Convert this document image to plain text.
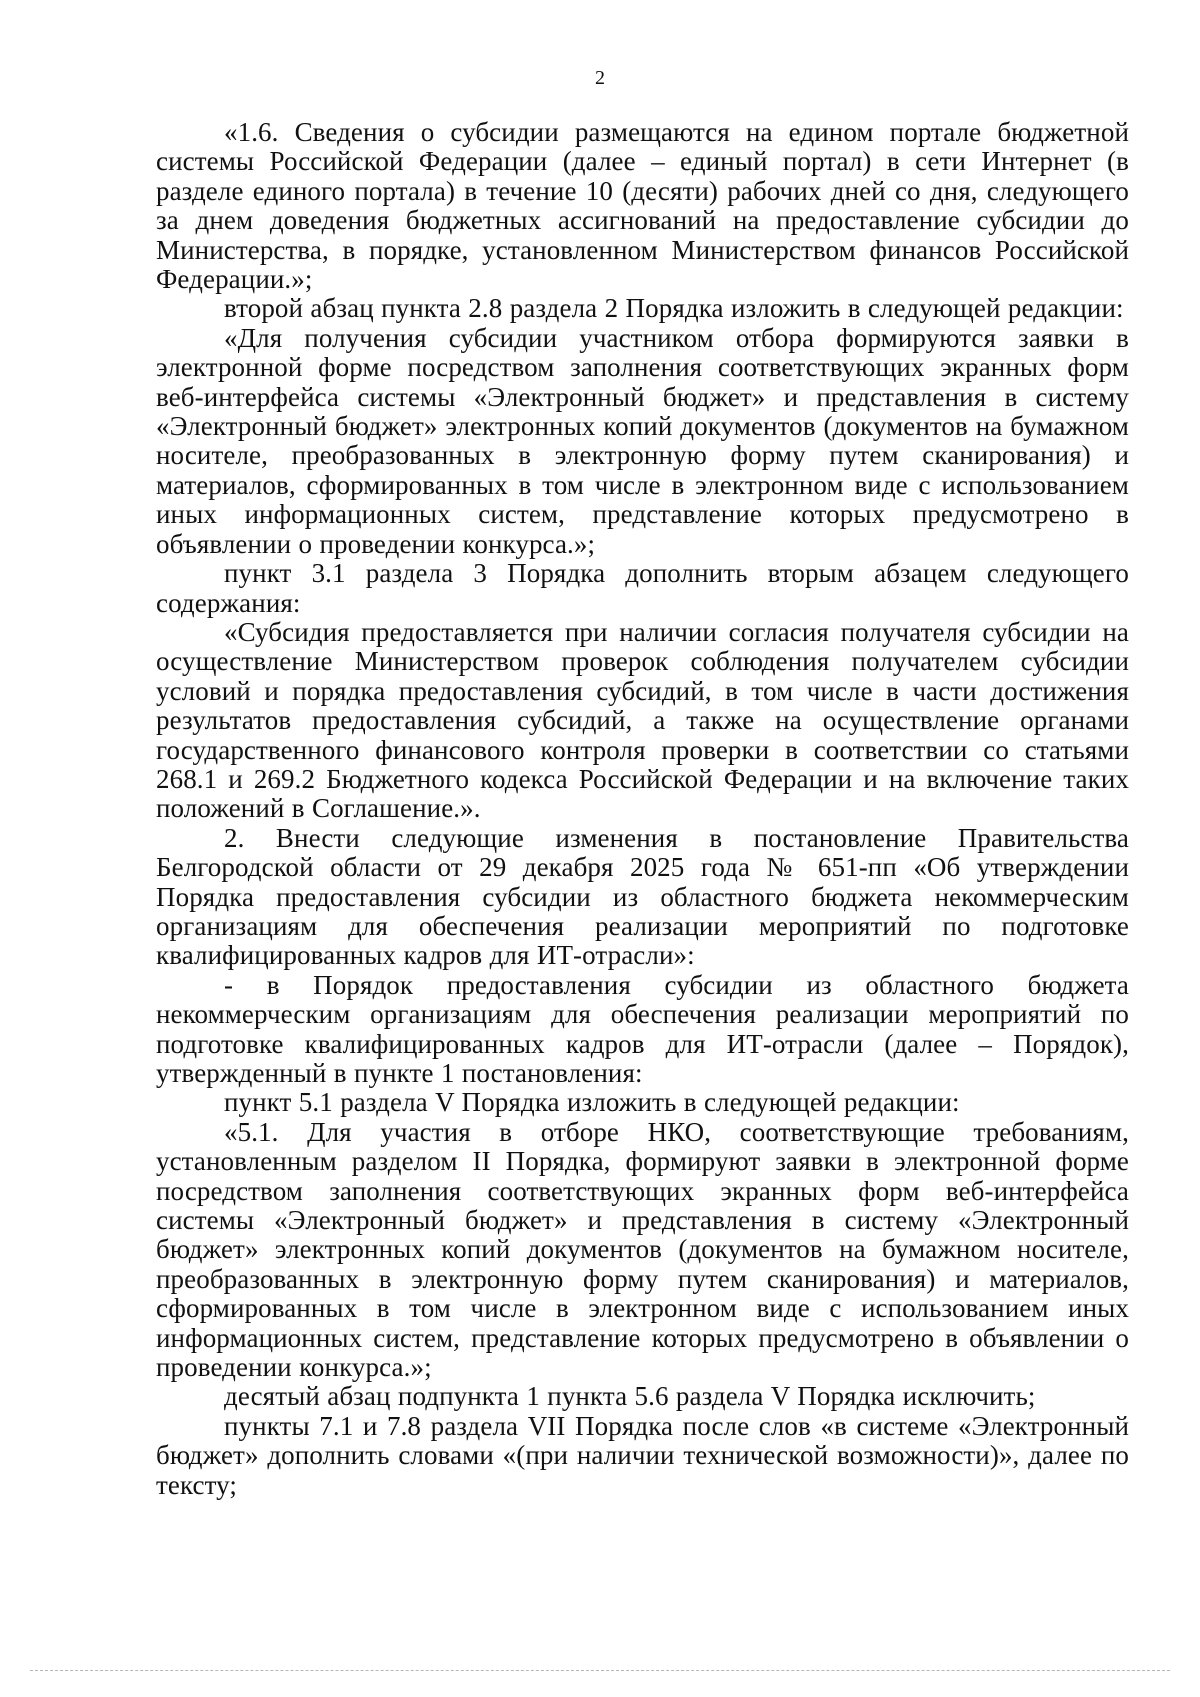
2

«1.6. Сведения о субсидии размещаются на едином портале бюджетной системы Российской Федерации (далее – единый портал) в сети Интернет (в разделе единого портала) в течение 10 (десяти) рабочих дней со дня, следующего за днем доведения бюджетных ассигнований на предоставление субсидии до Министерства, в порядке, установленном Министерством финансов Российской Федерации.»;

второй абзац пункта 2.8 раздела 2 Порядка изложить в следующей редакции:

«Для получения субсидии участником отбора формируются заявки в электронной форме посредством заполнения соответствующих экранных форм веб-интерфейса системы «Электронный бюджет» и представления в систему «Электронный бюджет» электронных копий документов (документов на бумажном носителе, преобразованных в электронную форму путем сканирования) и материалов, сформированных в том числе в электронном виде с использованием иных информационных систем, представление которых предусмотрено в объявлении о проведении конкурса.»;

пункт 3.1 раздела 3 Порядка дополнить вторым абзацем следующего содержания:

«Субсидия предоставляется при наличии согласия получателя субсидии на осуществление Министерством проверок соблюдения получателем субсидии условий и порядка предоставления субсидий, в том числе в части достижения результатов предоставления субсидий, а также на осуществление органами государственного финансового контроля проверки в соответствии со статьями 268.1 и 269.2 Бюджетного кодекса Российской Федерации и на включение таких положений в Соглашение.».

2. Внести следующие изменения в постановление Правительства Белгородской области от 29 декабря 2025 года № 651-пп «Об утверждении Порядка предоставления субсидии из областного бюджета некоммерческим организациям для обеспечения реализации мероприятий по подготовке квалифицированных кадров для ИТ-отрасли»:

- в Порядок предоставления субсидии из областного бюджета некоммерческим организациям для обеспечения реализации мероприятий по подготовке квалифицированных кадров для ИТ-отрасли (далее – Порядок), утвержденный в пункте 1 постановления:

пункт 5.1 раздела V Порядка изложить в следующей редакции:

«5.1. Для участия в отборе НКО, соответствующие требованиям, установленным разделом II Порядка, формируют заявки в электронной форме посредством заполнения соответствующих экранных форм веб-интерфейса системы «Электронный бюджет» и представления в систему «Электронный бюджет» электронных копий документов (документов на бумажном носителе, преобразованных в электронную форму путем сканирования) и материалов, сформированных в том числе в электронном виде с использованием иных информационных систем, представление которых предусмотрено в объявлении о проведении конкурса.»;

десятый абзац подпункта 1 пункта 5.6 раздела V Порядка исключить;

пункты 7.1 и 7.8 раздела VII Порядка после слов «в системе «Электронный бюджет» дополнить словами «(при наличии технической возможности)», далее по тексту;
